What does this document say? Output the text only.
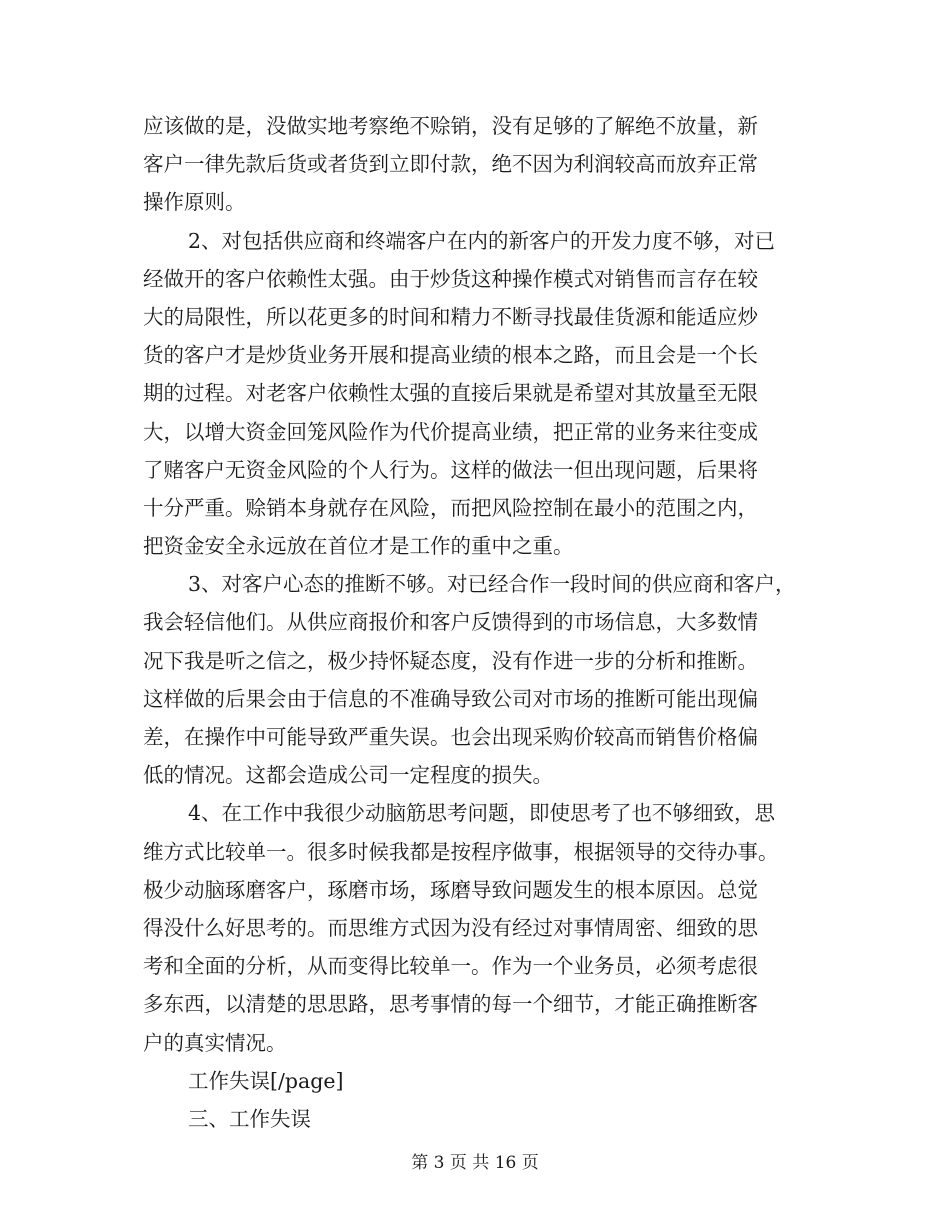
应该做的是，没做实地考察绝不赊销，没有足够的了解绝不放量，新
客户一律先款后货或者货到立即付款，绝不因为利润较高而放弃正常
操作原则。
2、对包括供应商和终端客户在内的新客户的开发力度不够，对已
经做开的客户依赖性太强。由于炒货这种操作模式对销售而言存在较
大的局限性，所以花更多的时间和精力不断寻找最佳货源和能适应炒
货的客户才是炒货业务开展和提高业绩的根本之路，而且会是一个长
期的过程。对老客户依赖性太强的直接后果就是希望对其放量至无限
大，以增大资金回笼风险作为代价提高业绩，把正常的业务来往变成
了赌客户无资金风险的个人行为。这样的做法一但出现问题，后果将
十分严重。赊销本身就存在风险，而把风险控制在最小的范围之内，
把资金安全永远放在首位才是工作的重中之重。
3、对客户心态的推断不够。对已经合作一段时间的供应商和客户，
我会轻信他们。从供应商报价和客户反馈得到的市场信息，大多数情
况下我是听之信之，极少持怀疑态度，没有作进一步的分析和推断。
这样做的后果会由于信息的不准确导致公司对市场的推断可能出现偏
差，在操作中可能导致严重失误。也会出现采购价较高而销售价格偏
低的情况。这都会造成公司一定程度的损失。
4、在工作中我很少动脑筋思考问题，即使思考了也不够细致，思
维方式比较单一。很多时候我都是按程序做事，根据领导的交待办事。
极少动脑琢磨客户，琢磨市场，琢磨导致问题发生的根本原因。总觉
得没什么好思考的。而思维方式因为没有经过对事情周密、细致的思
考和全面的分析，从而变得比较单一。作为一个业务员，必须考虑很
多东西，以清楚的思思路，思考事情的每一个细节，才能正确推断客
户的真实情况。
工作失误[/page]
三、工作失误
第 3 页 共 16 页
